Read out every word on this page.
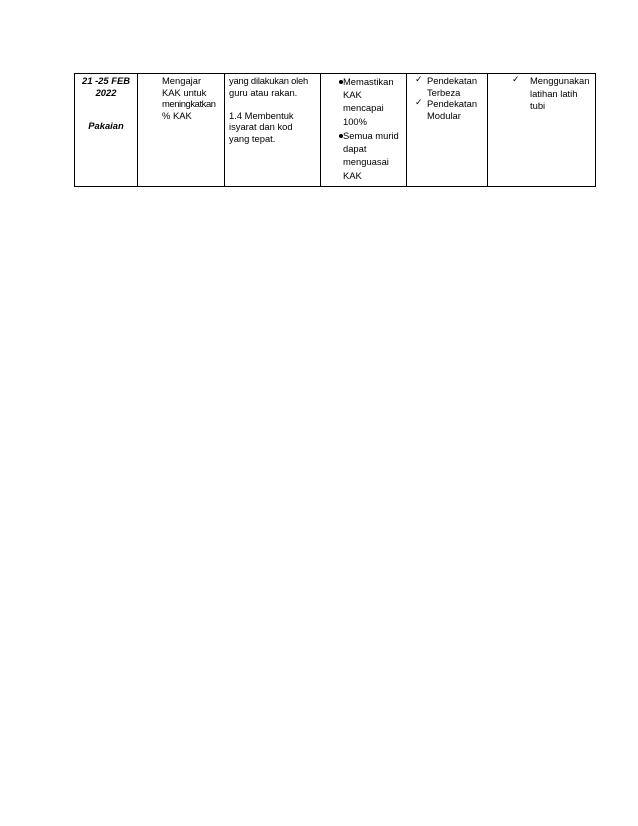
21 -25 FEB
2022
Pakaian
Mengajar
KAK untuk
meningkatkan
% KAK
yang dilakukan oleh
guru atau rakan.
1.4 Membentuk
isyarat dan kod
yang tepat.
Memastikan
KAK
mencapai
100%
Semua murid
dapat
menguasai
KAK
✓ Pendekatan
Terbeza
✓ Pendekatan
Modular
✓ Menggunakan
latihan latih
tubi
